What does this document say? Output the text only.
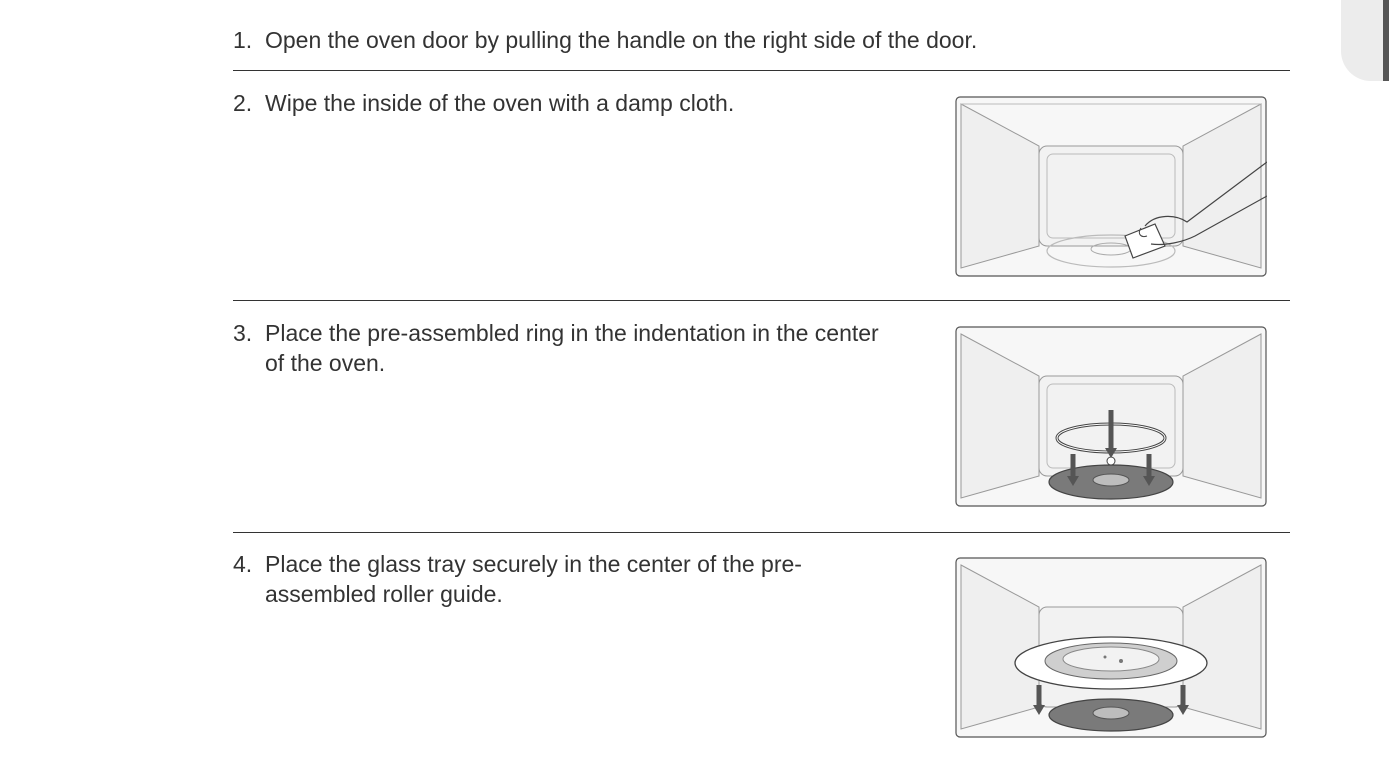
1. Open the oven door by pulling the handle on the right side of the door.
2. Wipe the inside of the oven with a damp cloth.
3. Place the pre-assembled ring in the indentation in the center
of the oven.
4. Place the glass tray securely in the center of the pre-
assembled roller guide.
